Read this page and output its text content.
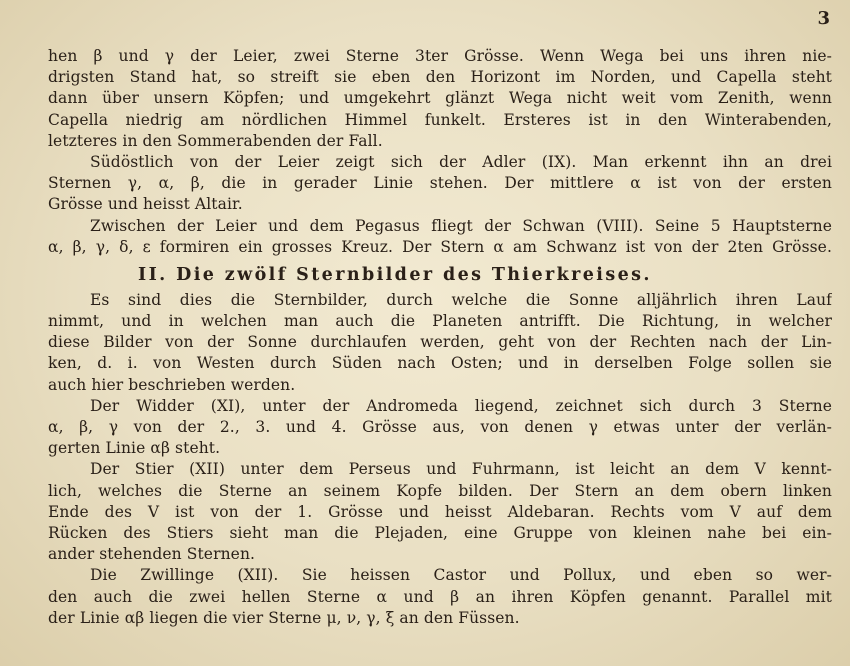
3
hen β und γ der Leier, zwei Sterne 3ter Grösse. Wenn Wega bei uns ihren nie-
drigsten Stand hat, so streift sie eben den Horizont im Norden, und Capella steht
dann über unsern Köpfen; und umgekehrt glänzt Wega nicht weit vom Zenith, wenn
Capella niedrig am nördlichen Himmel funkelt. Ersteres ist in den Winterabenden,
letzteres in den Sommerabenden der Fall.
Südöstlich von der Leier zeigt sich der Adler (IX). Man erkennt ihn an drei
Sternen γ, α, β, die in gerader Linie stehen. Der mittlere α ist von der ersten
Grösse und heisst Altair.
Zwischen der Leier und dem Pegasus fliegt der Schwan (VIII). Seine 5 Hauptsterne
α, β, γ, δ, ε formiren ein grosses Kreuz. Der Stern α am Schwanz ist von der 2ten Grösse.
II. Die zwölf Sternbilder des Thierkreises.
Es sind dies die Sternbilder, durch welche die Sonne alljährlich ihren Lauf
nimmt, und in welchen man auch die Planeten antrifft. Die Richtung, in welcher
diese Bilder von der Sonne durchlaufen werden, geht von der Rechten nach der Lin-
ken, d. i. von Westen durch Süden nach Osten; und in derselben Folge sollen sie
auch hier beschrieben werden.
Der Widder (XI), unter der Andromeda liegend, zeichnet sich durch 3 Sterne
α, β, γ von der 2., 3. und 4. Grösse aus, von denen γ etwas unter der verlän-
gerten Linie αβ steht.
Der Stier (XII) unter dem Perseus und Fuhrmann, ist leicht an dem V kennt-
lich, welches die Sterne an seinem Kopfe bilden. Der Stern an dem obern linken
Ende des V ist von der 1. Grösse und heisst Aldebaran. Rechts vom V auf dem
Rücken des Stiers sieht man die Plejaden, eine Gruppe von kleinen nahe bei ein-
ander stehenden Sternen.
Die Zwillinge (XII). Sie heissen Castor und Pollux, und eben so wer-
den auch die zwei hellen Sterne α und β an ihren Köpfen genannt. Parallel mit
der Linie αβ liegen die vier Sterne μ, ν, γ, ξ an den Füssen.
